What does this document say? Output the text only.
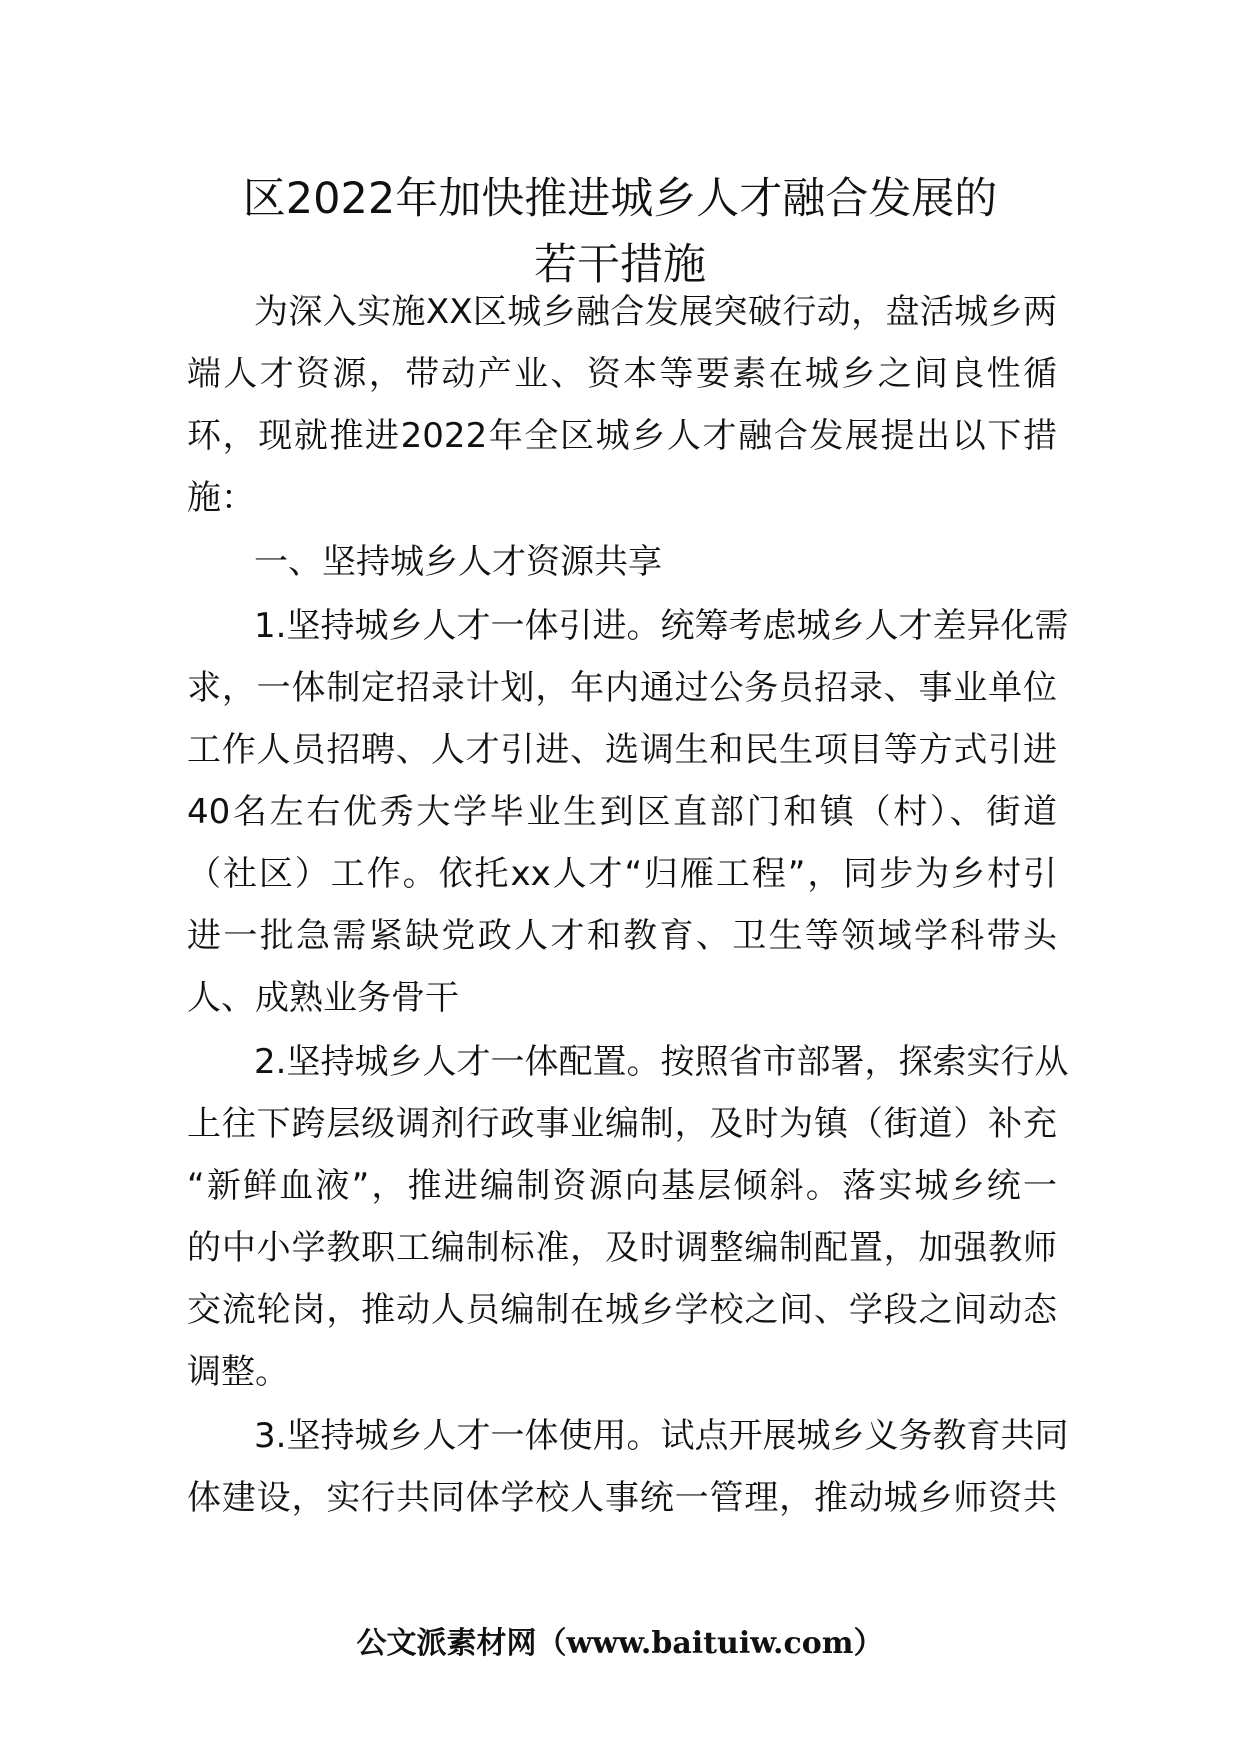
区2022年加快推进城乡人才融合发展的
若干措施

为深入实施XX区城乡融合发展突破行动，盘活城乡两

端人才资源，带动产业、资本等要素在城乡之间良性循

环，现就推进2022年全区城乡人才融合发展提出以下措

施：

一、坚持城乡人才资源共享

1.坚持城乡人才一体引进。统筹考虑城乡人才差异化需

求，一体制定招录计划，年内通过公务员招录、事业单位

工作人员招聘、人才引进、选调生和民生项目等方式引进

40名左右优秀大学毕业生到区直部门和镇（村）、街道

（社区）工作。依托xx人才“归雁工程”，同步为乡村引

进一批急需紧缺党政人才和教育、卫生等领域学科带头

人、成熟业务骨干

2.坚持城乡人才一体配置。按照省市部署，探索实行从

上往下跨层级调剂行政事业编制，及时为镇（街道）补充

“新鲜血液”，推进编制资源向基层倾斜。落实城乡统一

的中小学教职工编制标准，及时调整编制配置，加强教师

交流轮岗，推动人员编制在城乡学校之间、学段之间动态

调整。

3.坚持城乡人才一体使用。试点开展城乡义务教育共同

体建设，实行共同体学校人事统一管理，推动城乡师资共

公文派素材网（www.baituiw.com）
